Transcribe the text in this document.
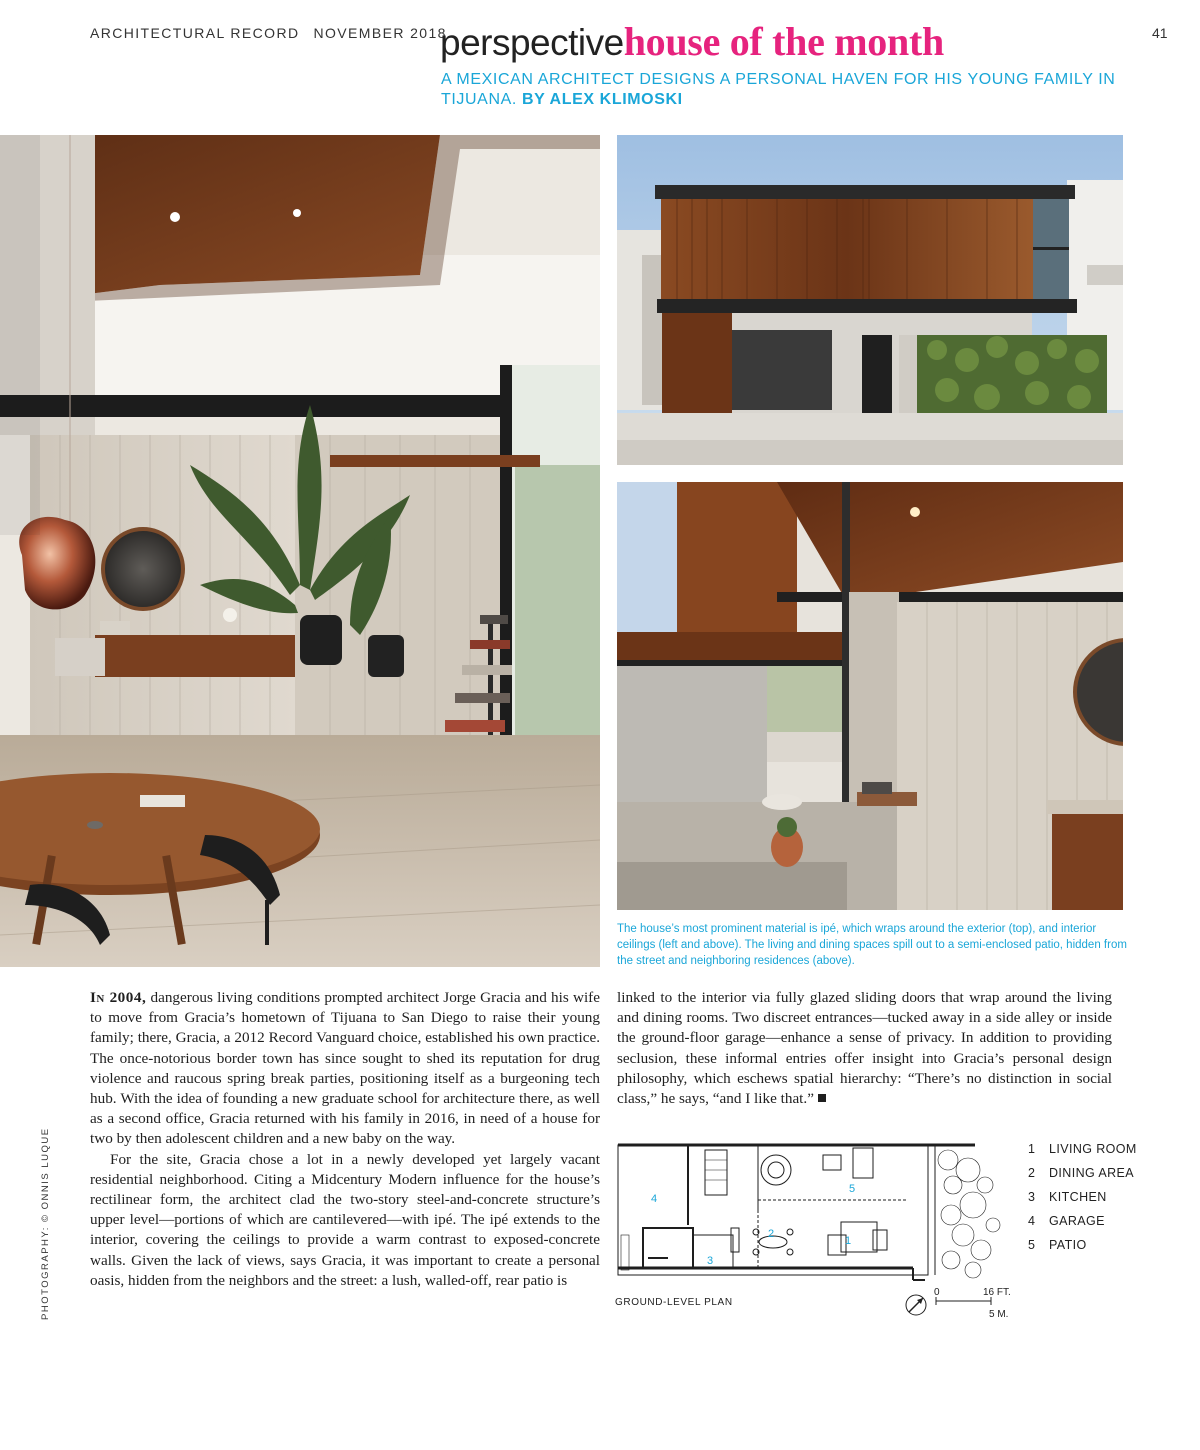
ARCHITECTURAL RECORD NOVEMBER 2018	41
perspectivehouse of the month
A MEXICAN ARCHITECT DESIGNS A PERSONAL HAVEN FOR HIS YOUNG FAMILY IN TIJUANA. BY ALEX KLIMOSKI
The house’s most prominent material is ipé, which wraps around the exterior (top), and interior ceilings (left and above). The living and dining spaces spill out to a semi-enclosed patio, hidden from the street and neighboring residences (above).

In 2004, dangerous living conditions prompted architect Jorge Gracia and his wife to move from Gracia’s hometown of Tijuana to San Diego to raise their young family; there, Gracia, a 2012 Record Vanguard choice, established his own practice. The once-notorious border town has since sought to shed its reputation for drug violence and raucous spring break parties, positioning itself as a burgeoning tech hub. With the idea of founding a new graduate school for architecture there, as well as a second office, Gracia returned with his family in 2016, in need of a house for two by then adolescent children and a new baby on the way.

For the site, Gracia chose a lot in a newly developed yet largely vacant residential neighborhood. Citing a Midcentury Modern influence for the house’s rectilinear form, the architect clad the two-story steel-and-concrete structure’s upper level—portions of which are cantilevered—with ipé. The ipé extends to the interior, covering the ceilings to provide a warm contrast to exposed-concrete walls. Given the lack of views, says Gracia, it was important to create a personal oasis, hidden from the neighbors and the street: a lush, walled-off, rear patio is

linked to the interior via fully glazed sliding doors that wrap around the living and dining rooms. Two discreet entrances—tucked away in a side alley or inside the ground-floor garage—enhance a sense of privacy. In addition to providing seclusion, these informal entries offer insight into Gracia’s personal design philosophy, which eschews spatial hierarchy: “There’s no distinction in social class,” he says, “and I like that.”

PHOTOGRAPHY: © ONNIS LUQUE	4
5
2
1
3
1	LIVING ROOM
2	DINING AREA
3	KITCHEN
4	GARAGE
5	PATIO
GROUND-LEVEL PLAN
0	16 FT.
5 M.
